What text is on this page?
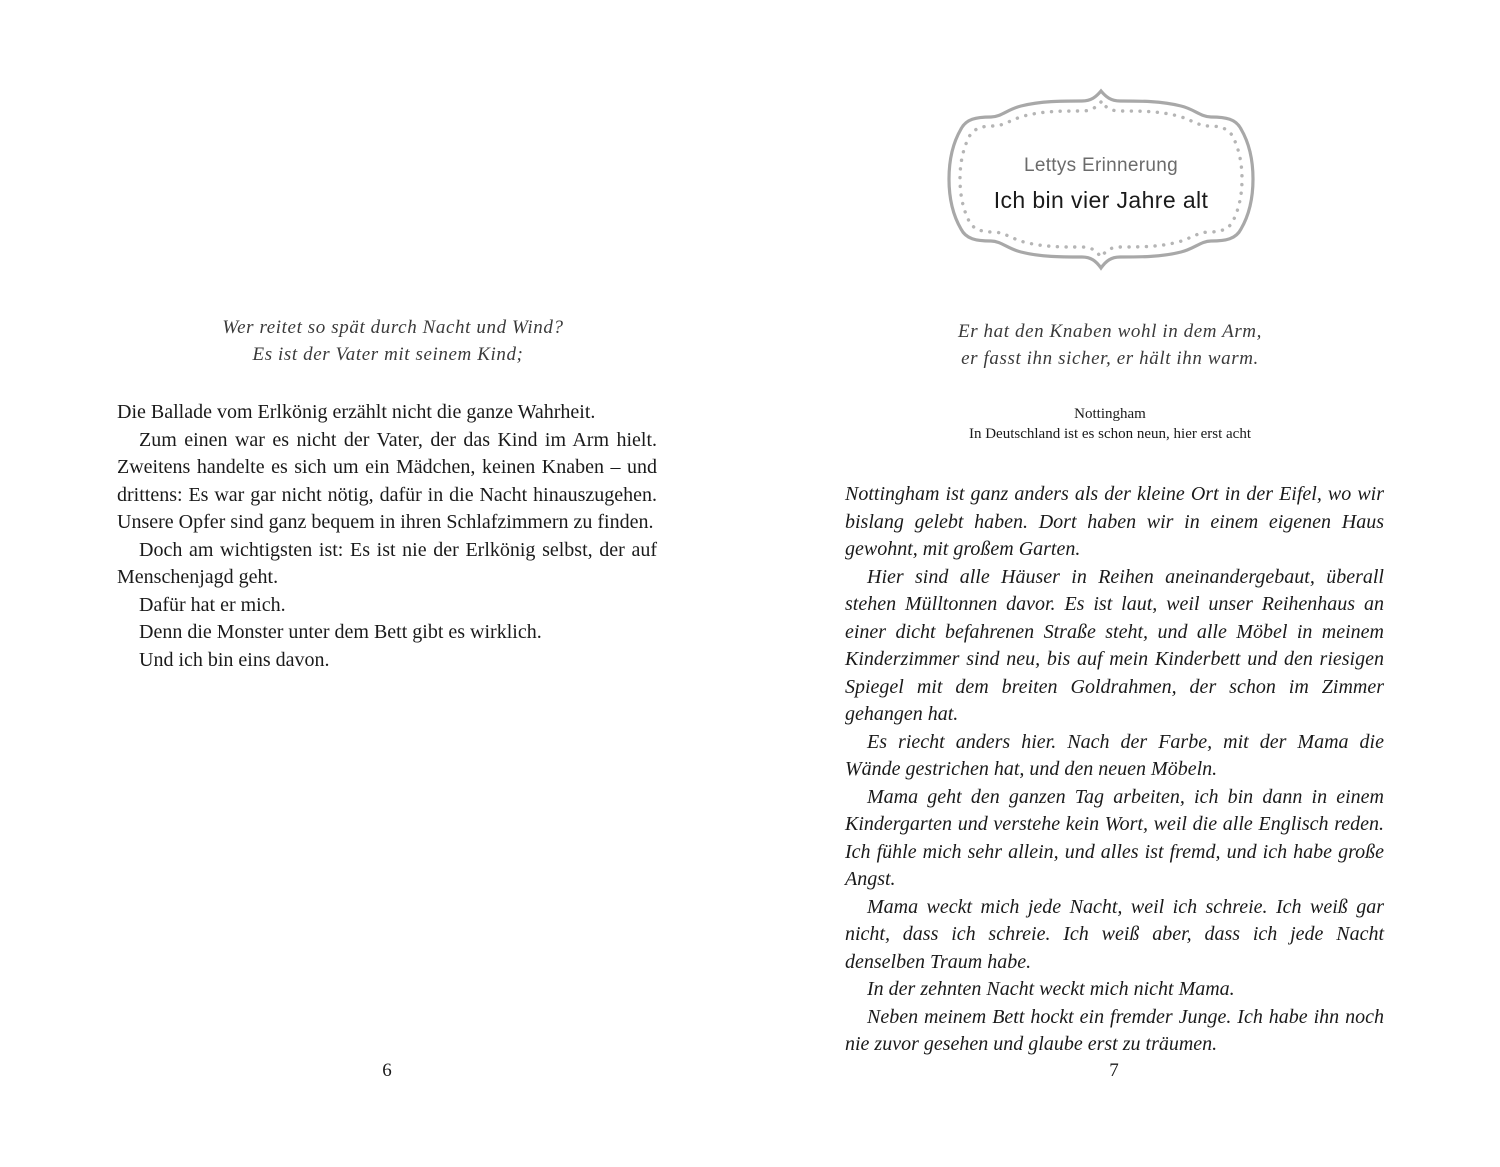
Wer reitet so spät durch Nacht und Wind?
Es ist der Vater mit seinem Kind;

Die Ballade vom Erlkönig erzählt nicht die ganze Wahrheit.

Zum einen war es nicht der Vater, der das Kind im Arm hielt. Zweitens handelte es sich um ein Mädchen, keinen Knaben – und drittens: Es war gar nicht nötig, dafür in die Nacht hinauszugehen. Unsere Opfer sind ganz bequem in ihren Schlafzimmern zu finden.

Doch am wichtigsten ist: Es ist nie der Erlkönig selbst, der auf Menschenjagd geht.

Dafür hat er mich.

Denn die Monster unter dem Bett gibt es wirklich.

Und ich bin eins davon.

6
Lettys Erinnerung
Ich bin vier Jahre alt
Er hat den Knaben wohl in dem Arm,
er fasst ihn sicher, er hält ihn warm.
Nottingham
In Deutschland ist es schon neun, hier erst acht

Nottingham ist ganz anders als der kleine Ort in der Eifel, wo wir bislang gelebt haben. Dort haben wir in einem eigenen Haus gewohnt, mit großem Garten.

Hier sind alle Häuser in Reihen aneinandergebaut, überall stehen Mülltonnen davor. Es ist laut, weil unser Reihenhaus an einer dicht befahrenen Straße steht, und alle Möbel in meinem Kinderzimmer sind neu, bis auf mein Kinderbett und den riesigen Spiegel mit dem breiten Goldrahmen, der schon im Zimmer gehangen hat.

Es riecht anders hier. Nach der Farbe, mit der Mama die Wände gestrichen hat, und den neuen Möbeln.

Mama geht den ganzen Tag arbeiten, ich bin dann in einem Kindergarten und verstehe kein Wort, weil die alle Englisch reden. Ich fühle mich sehr allein, und alles ist fremd, und ich habe große Angst.

Mama weckt mich jede Nacht, weil ich schreie. Ich weiß gar nicht, dass ich schreie. Ich weiß aber, dass ich jede Nacht denselben Traum habe.

In der zehnten Nacht weckt mich nicht Mama.

Neben meinem Bett hockt ein fremder Junge. Ich habe ihn noch nie zuvor gesehen und glaube erst zu träumen.

7
